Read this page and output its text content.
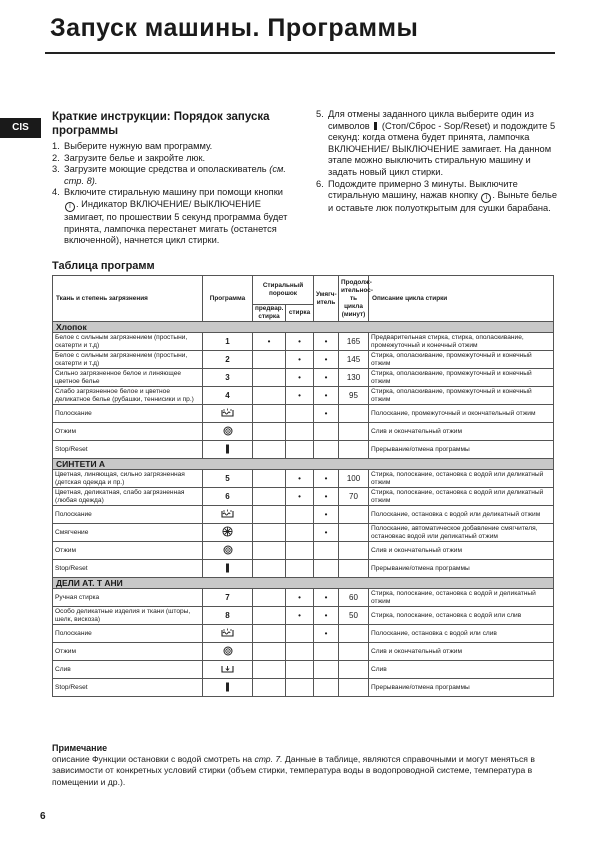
Запуск машины. Программы
CIS
Краткие инструкции: Порядок запуска программы
1. Выберите нужную вам программу.
2. Загрузите белье и закройте люк.
3. Загрузите моющие средства и ополаскиватель (см. стр. 8).
4. Включите стиральную машину при помощи кнопки I . Индикатор ВКЛЮЧЕНИЕ/ ВЫКЛЮЧЕНИЕ замигает, по прошествии 5 секунд программа будет принята, лампочка перестанет мигать (останется включенной), начнется цикл стирки.
5. Для отмены заданного цикла выберите один из символов  (Стоп/Сброс - Sop/Reset) и подождите 5 секунд: когда отмена будет принята, лампочка ВКЛЮЧЕНИЕ/ ВЫКЛЮЧЕНИЕ замигает. На данном этапе можно выключить стиральную машину и задать новый цикл стирки.
6. Подождите примерно 3 минуты. Выключите стиральную машину, нажав кнопку I . Выньте белье и оставьте люк полуоткрытым для сушки барабана.
Таблица программ
Ткань и степень загрязнения	Программа	Стиральный порошок		Умягч-итель	Продолж-ительнос-ть цикла (минут)	Описание цикла стирки
		предвар. стирка	стирка			
Хлопок						
Белое с сильным загрязнением (простыни, скатерти и т.д)	1	•	•	•	165	Предварительная стирка, стирка, ополаскивание, промежуточный и конечный отжим
Белое с сильным загрязнением (простыни, скатерти и т.д)	2		•	•	145	Стирка, ополаскивание, промежуточный и конечный отжим
Сильно загрязненное белое и линяющее цветное белье	3		•	•	130	Стирка, ополаскивание, промежуточный и конечный отжим
Слабо загрязненное белое и цветное деликатное белье (рубашки, теннисики и пр.)	4		•	•	95	Стирка, ополаскивание, промежуточный и конечный отжим
Полоскание				•		Полоскание, промежуточный и окончательный отжим
Отжим						Слив и окончательный отжим
Stop/Reset						Прерывание/отмена программы
СИНТЕТИ А						
Цветная, линяющая, сильно загрязненная (детская одежда и пр.)	5		•	•	100	Стирка, полоскание, остановка с водой или деликатный отжим
Цветная, деликатная, слабо загрязненная (любая одежда)	6		•	•	70	Стирка, полоскание, остановка с водой или деликатный отжим
Полоскание				•		Полоскание, остановка с водой или деликатный отжим
Смягчение				•		Полоскание, автоматическое добавление смягчителя, остановкас водой или деликатный отжим
Отжим						Слив и окончательный отжим
Stop/Reset						Прерывание/отмена программы
ДЕЛИ АТ. Т АНИ						
Ручная стирка	7		•	•	60	Стирка, полоскание, остановка с водой и деликатный отжим
Особо деликатные изделия и ткани (шторы, шелк, вискоза)	8		•	•	50	Стирка, полоскание, остановка с водой или слив
Полоскание				•		Полоскание, остановка с водой или слив
Отжим						Слив и окончательный отжим
Слив						Слив
Stop/Reset						Прерывание/отмена программы
Примечание
описание Функции остановки с водой смотреть на стр. 7. Данные в таблице, являются справочными и могут меняться в зависимости от конкретных условий стирки (объем стирки, температура воды в водопроводной системе, температура в помещении и др.).
6
